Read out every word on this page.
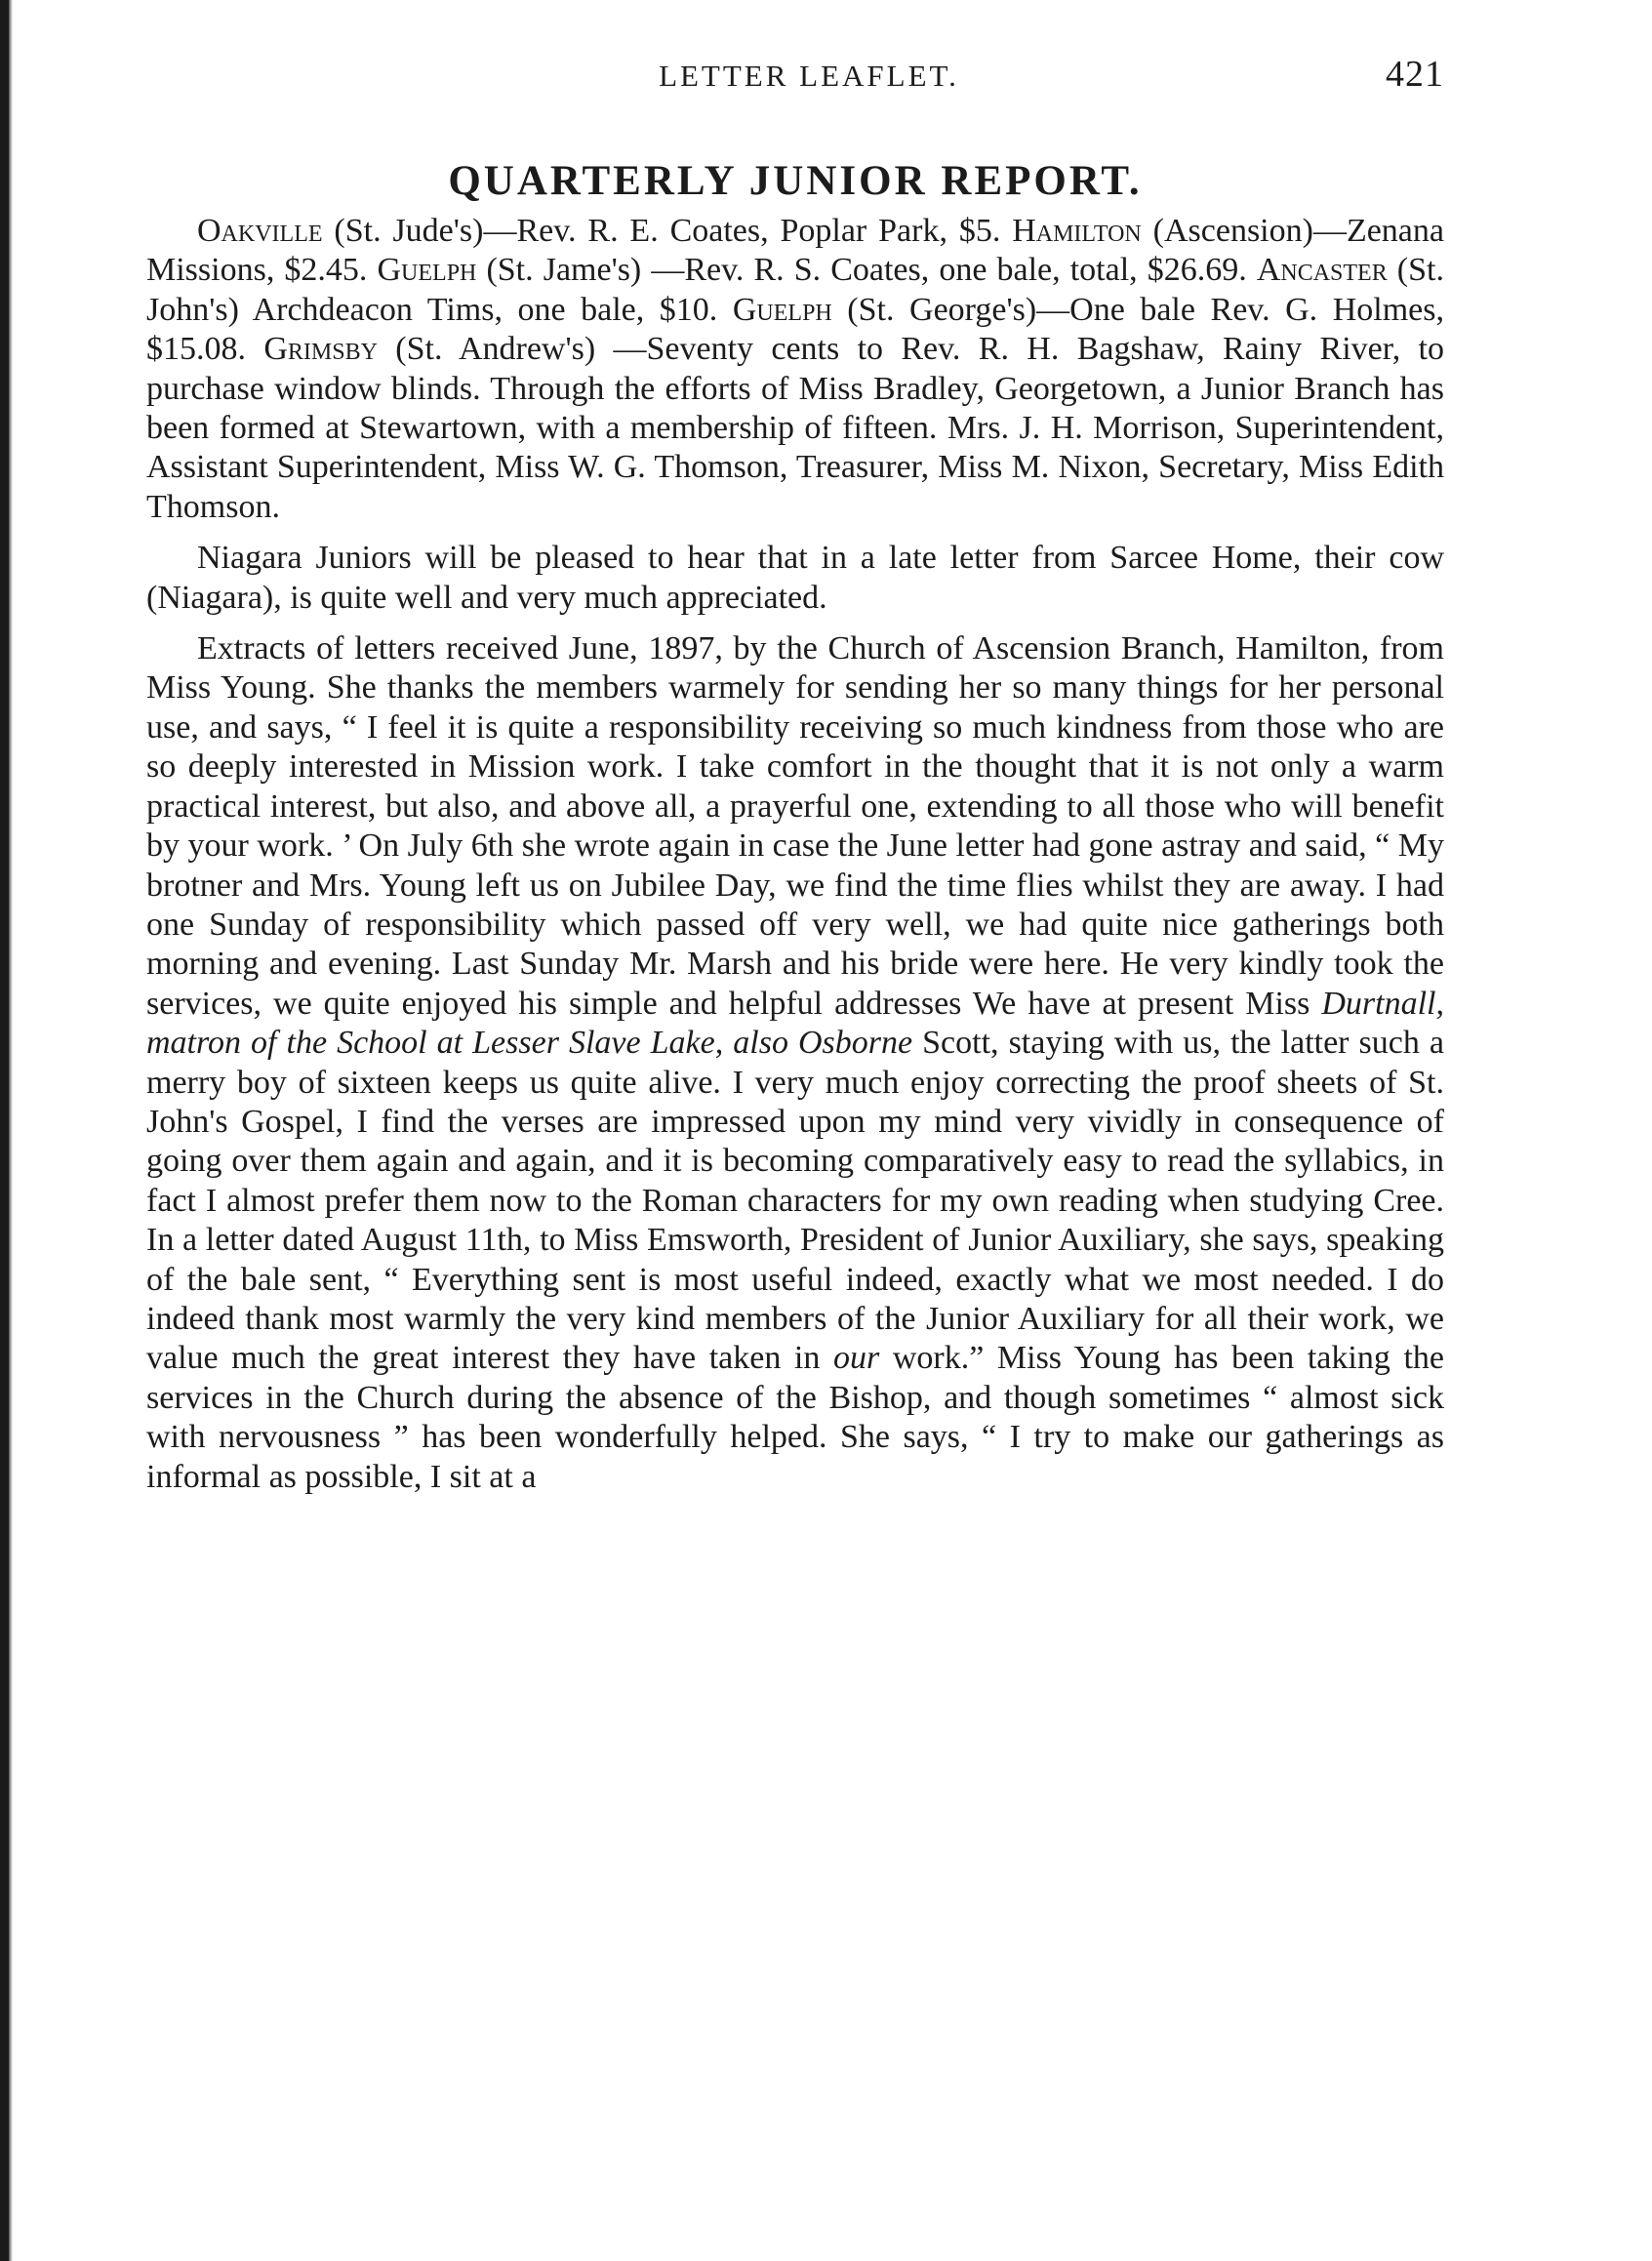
LETTER LEAFLET.	421
QUARTERLY JUNIOR REPORT.

Oakville (St. Jude's)—Rev. R. E. Coates, Poplar Park, $5. Hamilton (Ascension)—Zenana Missions, $2.45. Guelph (St. Jame's) —Rev. R. S. Coates, one bale, total, $26.69. Ancaster (St. John's) Archdeacon Tims, one bale, $10. Guelph (St. George's)—One bale Rev. G. Holmes, $15.08. Grimsby (St. Andrew's) —Seventy cents to Rev. R. H. Bagshaw, Rainy River, to purchase window blinds. Through the efforts of Miss Bradley, Georgetown, a Junior Branch has been formed at Stewartown, with a membership of fifteen. Mrs. J. H. Morrison, Superintendent, Assistant Superintendent, Miss W. G. Thomson, Treasurer, Miss M. Nixon, Secretary, Miss Edith Thomson.

Niagara Juniors will be pleased to hear that in a late letter from Sarcee Home, their cow (Niagara), is quite well and very much appreciated.

Extracts of letters received June, 1897, by the Church of Ascension Branch, Hamilton, from Miss Young. She thanks the members warmely for sending her so many things for her personal use, and says, “ I feel it is quite a responsibility receiving so much kindness from those who are so deeply interested in Mission work. I take comfort in the thought that it is not only a warm practical interest, but also, and above all, a prayerful one, extending to all those who will benefit by your work. ’ On July 6th she wrote again in case the June letter had gone astray and said, “ My brotner and Mrs. Young left us on Jubilee Day, we find the time flies whilst they are away. I had one Sunday of responsibility which passed off very well, we had quite nice gatherings both morning and evening. Last Sunday Mr. Marsh and his bride were here. He very kindly took the services, we quite enjoyed his simple and helpful addresses We have at present Miss Durtnall, matron of the School at Lesser Slave Lake, also Osborne Scott, staying with us, the latter such a merry boy of sixteen keeps us quite alive. I very much enjoy correcting the proof sheets of St. John's Gospel, I find the verses are impressed upon my mind very vividly in consequence of going over them again and again, and it is becoming comparatively easy to read the syllabics, in fact I almost prefer them now to the Roman characters for my own reading when studying Cree. In a letter dated August 11th, to Miss Emsworth, President of Junior Auxiliary, she says, speaking of the bale sent, “ Everything sent is most useful indeed, exactly what we most needed. I do indeed thank most warmly the very kind members of the Junior Auxiliary for all their work, we value much the great interest they have taken in our work.” Miss Young has been taking the services in the Church during the absence of the Bishop, and though sometimes “ almost sick with nervousness ” has been wonderfully helped. She says, “ I try to make our gatherings as informal as possible, I sit at a
